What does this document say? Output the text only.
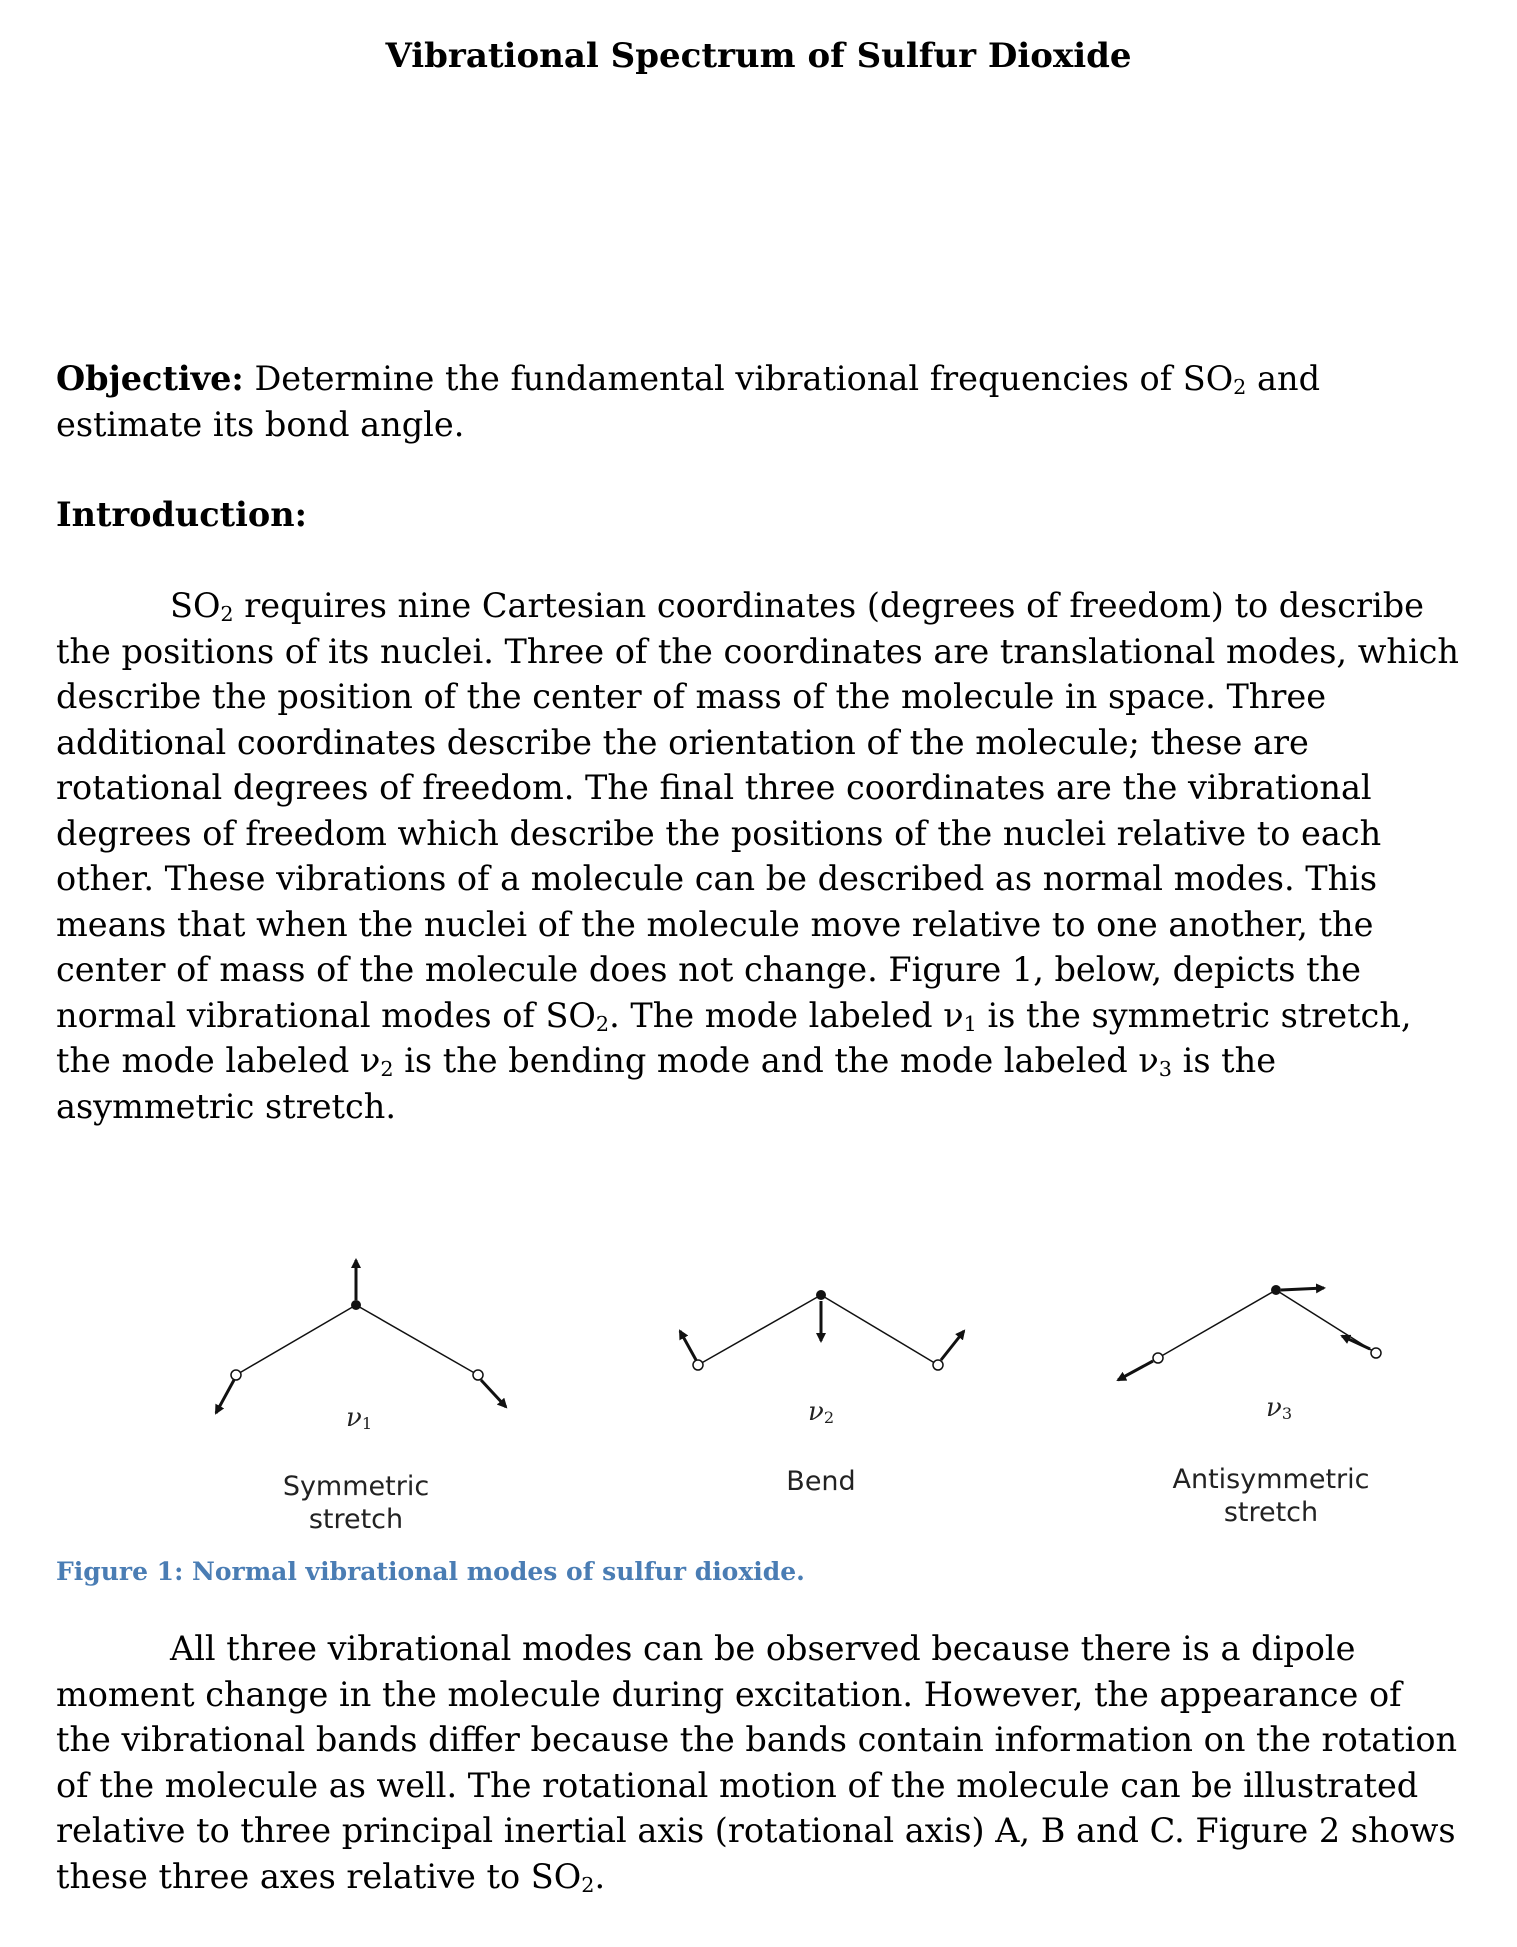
Vibrational Spectrum of Sulfur Dioxide
Objective: Determine the fundamental vibrational frequencies of $SO_2$ and estimate its bond angle.
Introduction:
$SO_2$ requires nine Cartesian coordinates (degrees of freedom) to describe the positions of its nuclei. Three of the coordinates are translational modes, which describe the position of the center of mass of the molecule in space. Three additional coordinates describe the orientation of the molecule; these are rotational degrees of freedom. The final three coordinates are the vibrational degrees of freedom which describe the positions of the nuclei relative to each other. These vibrations of a molecule can be described as normal modes. This means that when the nuclei of the molecule move relative to one another, the center of mass of the molecule does not change. Figure 1, below, depicts the normal vibrational modes of $SO_2$. The mode labeled $\nu_1$ is the symmetric stretch, the mode labeled $\nu_2$ is the bending mode and the mode labeled $\nu_3$ is the asymmetric stretch.
$\nu_1$	$\nu_2$	$\nu_3$
Symmetric
stretch
Bend	Antisymmetric
stretch
Figure 1: Normal vibrational modes of sulfur dioxide.
All three vibrational modes can be observed because there is a dipole moment change in the molecule during excitation. However, the appearance of the vibrational bands differ because the bands contain information on the rotation of the molecule as well. The rotational motion of the molecule can be illustrated relative to three principal inertial axis (rotational axis) A, B and C. Figure 2 shows these three axes relative to $SO_2$.
